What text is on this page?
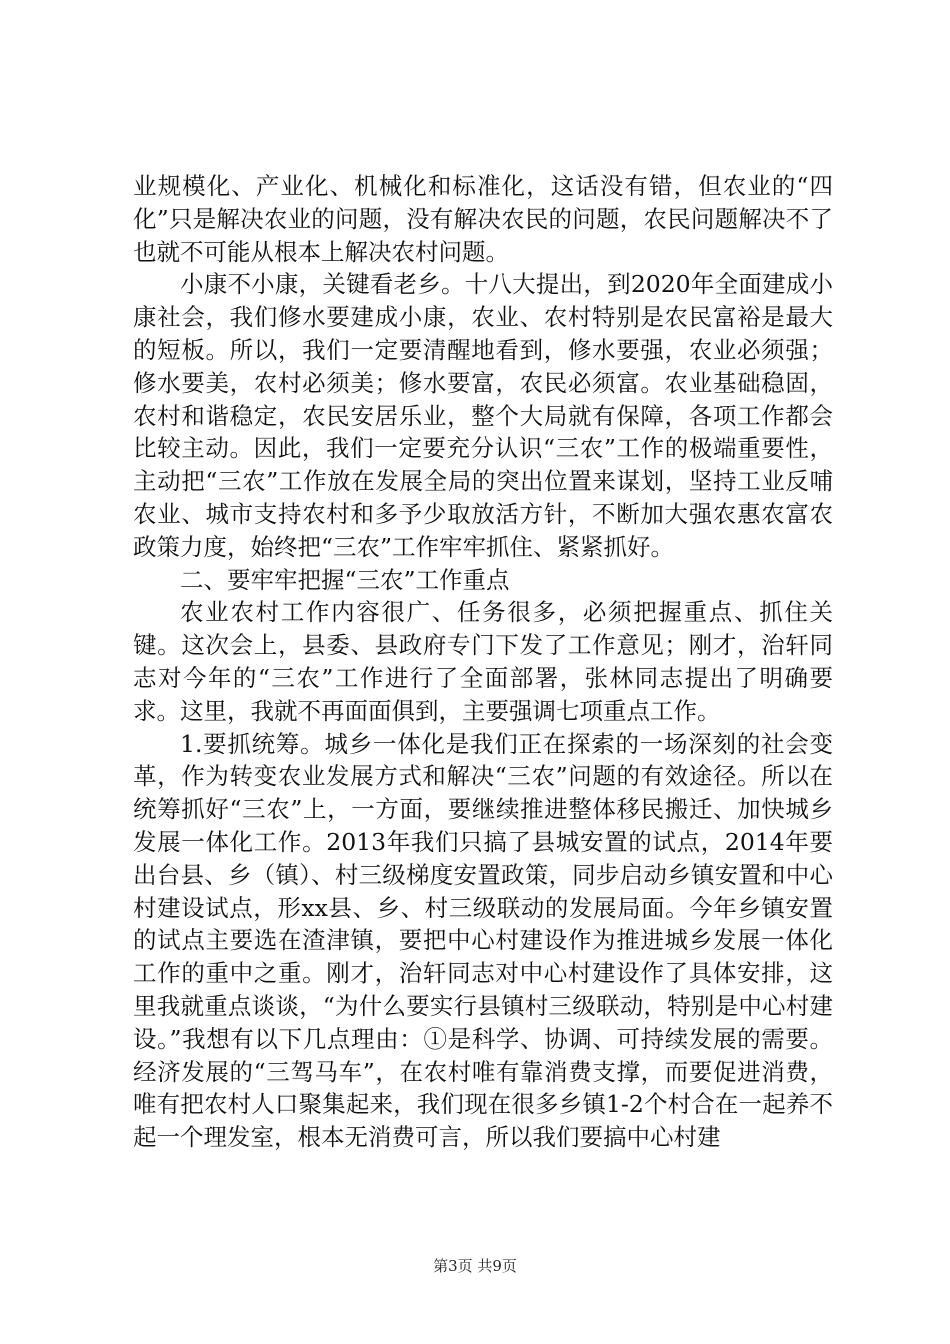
业规模化、产业化、机械化和标准化，这话没有错，但农业的“四化”只是解决农业的问题，没有解决农民的问题，农民问题解决不了也就不可能从根本上解决农村问题。

小康不小康，关键看老乡。十八大提出，到2020年全面建成小康社会，我们修水要建成小康，农业、农村特别是农民富裕是最大的短板。所以，我们一定要清醒地看到，修水要强，农业必须强；修水要美，农村必须美；修水要富，农民必须富。农业基础稳固，农村和谐稳定，农民安居乐业，整个大局就有保障，各项工作都会比较主动。因此，我们一定要充分认识“三农”工作的极端重要性，主动把“三农”工作放在发展全局的突出位置来谋划，坚持工业反哺农业、城市支持农村和多予少取放活方针，不断加大强农惠农富农政策力度，始终把“三农”工作牢牢抓住、紧紧抓好。

二、要牢牢把握“三农”工作重点

农业农村工作内容很广、任务很多，必须把握重点、抓住关键。这次会上，县委、县政府专门下发了工作意见；刚才，治轩同志对今年的“三农”工作进行了全面部署，张林同志提出了明确要求。这里，我就不再面面俱到，主要强调七项重点工作。

1.要抓统筹。城乡一体化是我们正在探索的一场深刻的社会变革，作为转变农业发展方式和解决“三农”问题的有效途径。所以在统筹抓好“三农”上，一方面，要继续推进整体移民搬迁、加快城乡发展一体化工作。2013年我们只搞了县城安置的试点，2014年要出台县、乡（镇）、村三级梯度安置政策，同步启动乡镇安置和中心村建设试点，形xx县、乡、村三级联动的发展局面。今年乡镇安置的试点主要选在渣津镇，要把中心村建设作为推进城乡发展一体化工作的重中之重。刚才，治轩同志对中心村建设作了具体安排，这里我就重点谈谈，“为什么要实行县镇村三级联动，特别是中心村建设。”我想有以下几点理由：①是科学、协调、可持续发展的需要。经济发展的“三驾马车”，在农村唯有靠消费支撑，而要促进消费，唯有把农村人口聚集起来，我们现在很多乡镇1-2个村合在一起养不起一个理发室，根本无消费可言，所以我们要搞中心村建

第3页 共9页
